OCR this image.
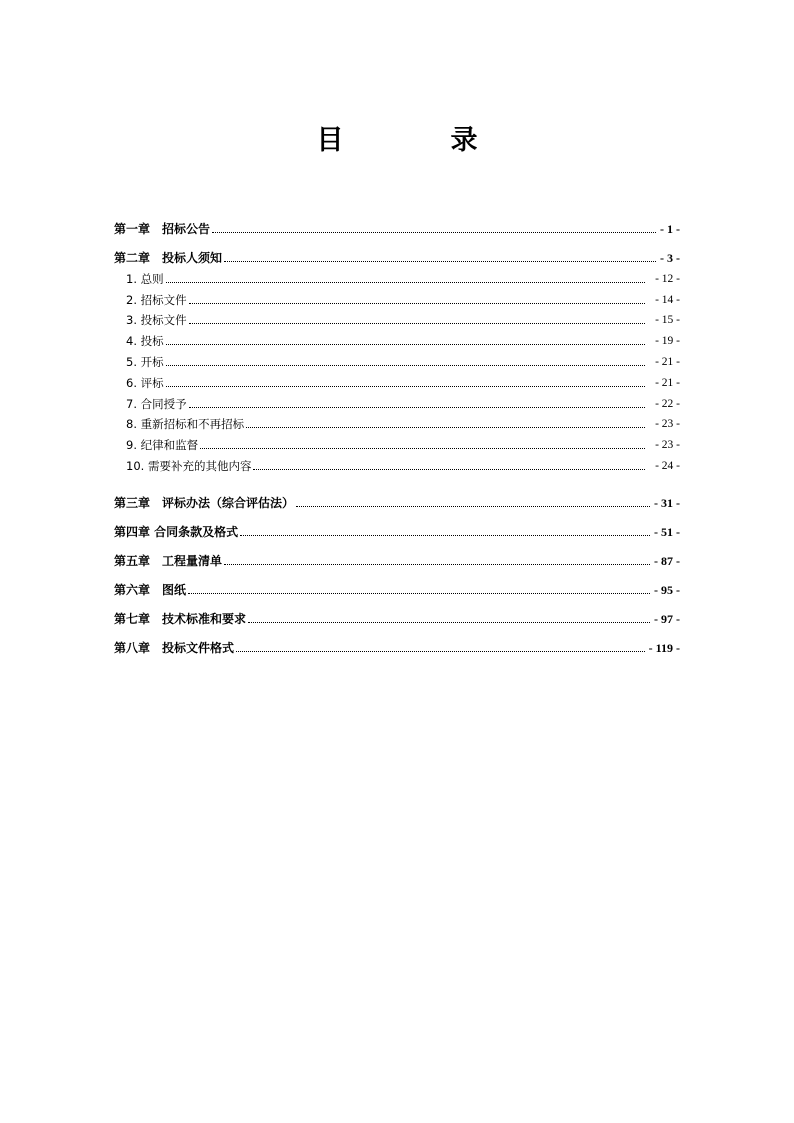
目　录
第一章　招标公告	- 1 -
第二章　投标人须知	- 3 -
1. 总则	- 12 -
2. 招标文件	- 14 -
3. 投标文件	- 15 -
4. 投标	- 19 -
5. 开标	- 21 -
6. 评标	- 21 -
7. 合同授予	- 22 -
8. 重新招标和不再招标	- 23 -
9. 纪律和监督	- 23 -
10. 需要补充的其他内容	- 24 -
第三章　评标办法（综合评估法）	- 31 -
第四章 合同条款及格式	- 51 -
第五章　工程量清单	- 87 -
第六章　图纸	- 95 -
第七章　技术标准和要求	- 97 -
第八章　投标文件格式	- 119 -
